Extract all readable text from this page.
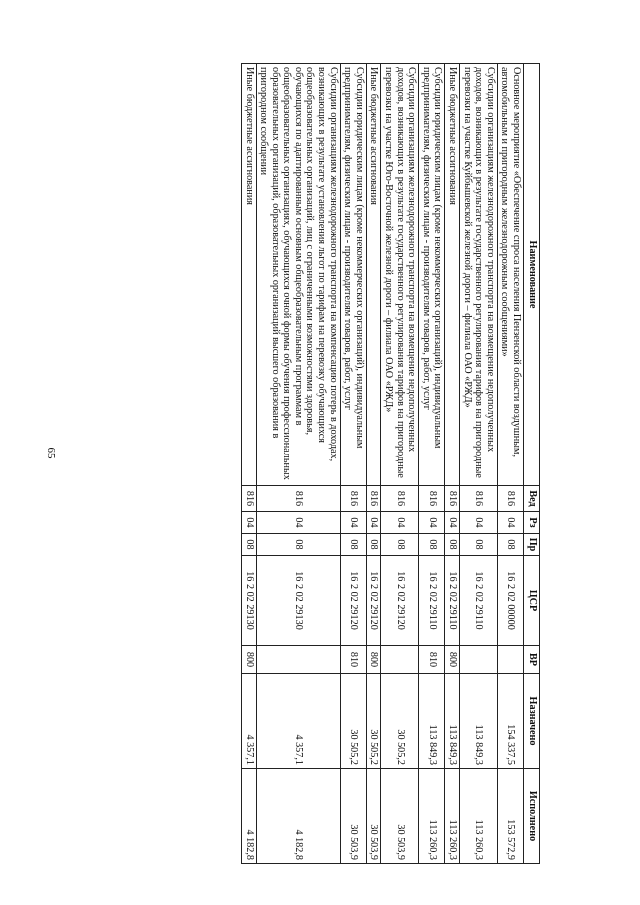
65
Наименование	Вед	Рз	Пр	ЦСР	ВР	Назначено	Исполнено
Основное мероприятие «Обеспечение спроса населения Пензенской области воздушным, автомобильным и пригородным железнодорожным сообщениями»	816	04	08	16 2 02 00000		154 337,5	153 572,9
Субсидии организациям железнодорожного транспорта на возмещение недополученных доходов, возникающих в результате государственного регулирования тарифов на пригородные перевозки на участке Куйбышевской железной дороги – филиала ОАО «РЖД»	816	04	08	16 2 02 29110		113 849,3	113 260,3
Иные бюджетные ассигнования	816	04	08	16 2 02 29110	800	113 849,3	113 260,3
Субсидии юридическим лицам (кроме некоммерческих организаций), индивидуальным предпринимателям, физическим лицам - производителям товаров, работ, услуг	816	04	08	16 2 02 29110	810	113 849,3	113 260,3
Субсидии организациям железнодорожного транспорта на возмещение недополученных доходов, возникающих в результате государственного регулирования тарифов на пригородные перевозки на участке Юго-Восточной железной дороги – филиала ОАО «РЖД»	816	04	08	16 2 02 29120		30 505,2	30 503,9
Иные бюджетные ассигнования	816	04	08	16 2 02 29120	800	30 505,2	30 503,9
Субсидии юридическим лицам (кроме некоммерческих организаций), индивидуальным предпринимателям, физическим лицам - производителям товаров, работ, услуг	816	04	08	16 2 02 29120	810	30 505,2	30 503,9
Субсидии организациям железнодорожного транспорта на компенсацию потерь в доходах, возникающих в результате установления льгот по тарифам на перевозку обучающихся общеобразовательных организаций, лиц с ограниченными возможностями здоровья, обучающихся по адаптированным основным общеобразовательным программам в общеобразовательных организациях, обучающихся очной формы обучения профессиональных образовательных организаций, образовательных организаций высшего образования в пригородном сообщении	816	04	08	16 2 02 29130		4 357,1	4 182,8
Иные бюджетные ассигнования	816	04	08	16 2 02 29130	800	4 357,1	4 182,8
